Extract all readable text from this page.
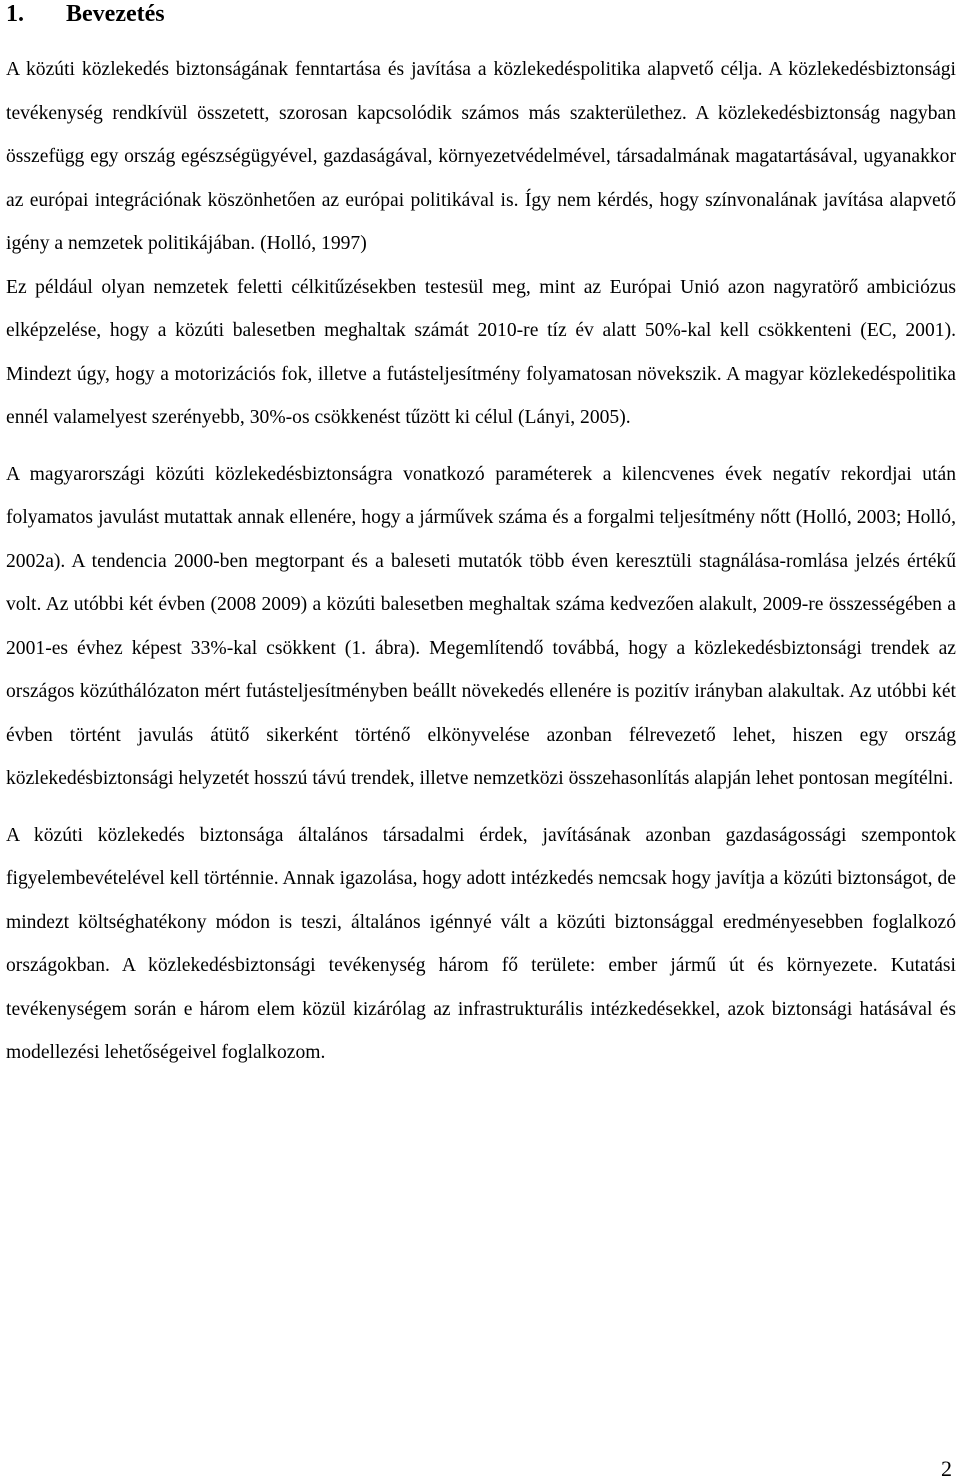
1.	Bevezetés

A közúti közlekedés biztonságának fenntartása és javítása a közlekedéspolitika alapvető célja. A közlekedésbiztonsági tevékenység rendkívül összetett, szorosan kapcsolódik számos más szakterülethez. A közlekedésbiztonság nagyban összefügg egy ország egészségügyével, gazdaságával, környezetvédelmével, társadalmának magatartásával, ugyanakkor az európai integrációnak köszönhetően az európai politikával is. Így nem kérdés, hogy színvonalának javítása alapvető igény a nemzetek politikájában. (Holló, 1997)

Ez például olyan nemzetek feletti célkitűzésekben testesül meg, mint az Európai Unió azon nagyratörő ambiciózus elképzelése, hogy a közúti balesetben meghaltak számát 2010-re tíz év alatt 50%-kal kell csökkenteni (EC, 2001). Mindezt úgy, hogy a motorizációs fok, illetve a futásteljesítmény folyamatosan növekszik. A magyar közlekedéspolitika ennél valamelyest szerényebb, 30%-os csökkenést tűzött ki célul (Lányi, 2005).

A magyarországi közúti közlekedésbiztonságra vonatkozó paraméterek a kilencvenes évek negatív rekordjai után folyamatos javulást mutattak annak ellenére, hogy a járművek száma és a forgalmi teljesítmény nőtt (Holló, 2003; Holló, 2002a). A tendencia 2000-ben megtorpant és a baleseti mutatók több éven keresztüli stagnálása-romlása jelzés értékű volt. Az utóbbi két évben (2008 2009) a közúti balesetben meghaltak száma kedvezően alakult, 2009-re összességében a 2001-es évhez képest 33%-kal csökkent (1. ábra). Megemlítendő továbbá, hogy a közlekedésbiztonsági trendek az országos közúthálózaton mért futásteljesítményben beállt növekedés ellenére is pozitív irányban alakultak. Az utóbbi két évben történt javulás átütő sikerként történő elkönyvelése azonban félrevezető lehet, hiszen egy ország közlekedésbiztonsági helyzetét hosszú távú trendek, illetve nemzetközi összehasonlítás alapján lehet pontosan megítélni.

A közúti közlekedés biztonsága általános társadalmi érdek, javításának azonban gazdaságossági szempontok figyelembevételével kell történnie. Annak igazolása, hogy adott intézkedés nemcsak hogy javítja a közúti biztonságot, de mindezt költséghatékony módon is teszi, általános igénnyé vált a közúti biztonsággal eredményesebben foglalkozó országokban. A közlekedésbiztonsági tevékenység három fő területe: ember jármű út és környezete. Kutatási tevékenységem során e három elem közül kizárólag az infrastrukturális intézkedésekkel, azok biztonsági hatásával és modellezési lehetőségeivel foglalkozom.

2
